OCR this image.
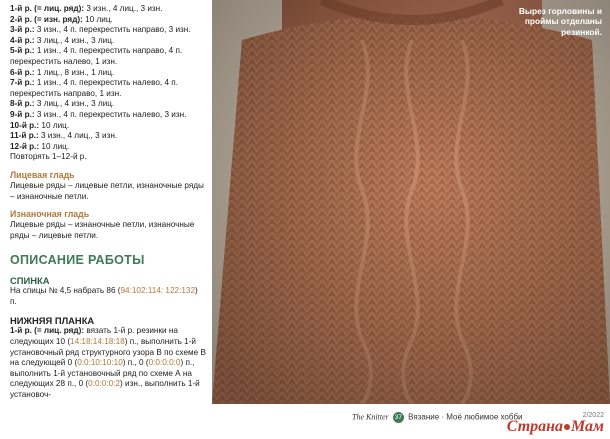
1-й р. (= лиц. ряд): 3 изн., 4 лиц., 3 изн.
2-й р. (= изн. ряд): 10 лиц.
3-й р.: 3 изн., 4 п. перекрестить направо, 3 изн.
4-й р.: 3 лиц., 4 изн., 3 лиц.
5-й р.: 1 изн., 4 п. перекрестить направо, 4 п. перекрестить налево, 1 изн.
6-й р.: 1 лиц., 8 изн., 1 лиц.
7-й р.: 1 изн., 4 п. перекрестить налево, 4 п. перекрестить направо, 1 изн.
8-й р.: 3 лиц., 4 изн., 3 лиц.
9-й р.: 3 изн., 4 п. перекрестить налево, 3 изн.
10-й р.: 10 лиц.
11-й р.: 3 изн., 4 лиц., 3 изн.
12-й р.: 10 лиц.
Повторять 1–12-й р.
Лицевая гладь
Лицевые ряды – лицевые петли, изнаночные ряды – изнаночные петли.
Изнаночная гладь
Лицевые ряды – изнаночные петли, изнаночные ряды – лицевые петли.
ОПИСАНИЕ РАБОТЫ
СПИНКА
На спицы № 4,5 набрать 86 (94:102:114: 122:132) п.
НИЖНЯЯ ПЛАНКА
1-й р. (= лиц. ряд): вязать 1-й р. резинки на следующих 10 (14:18:14:18:18) п., выполнить 1-й установочный ряд структурного узора В по схеме В на следующей 0 (0:0:10:10:10) п., 0 (0:0:0:0:0) п., выполнить 1-й установочный ряд по схеме А на следующих 28 п., 0 (0:0:0:0:2) изн., выполнить 1-й установоч-
Вырез горловины и проймы отделаны резинкой.
The Knitter 37 Вязание · Моё любимое хобби	2/2022
Страна Мам
